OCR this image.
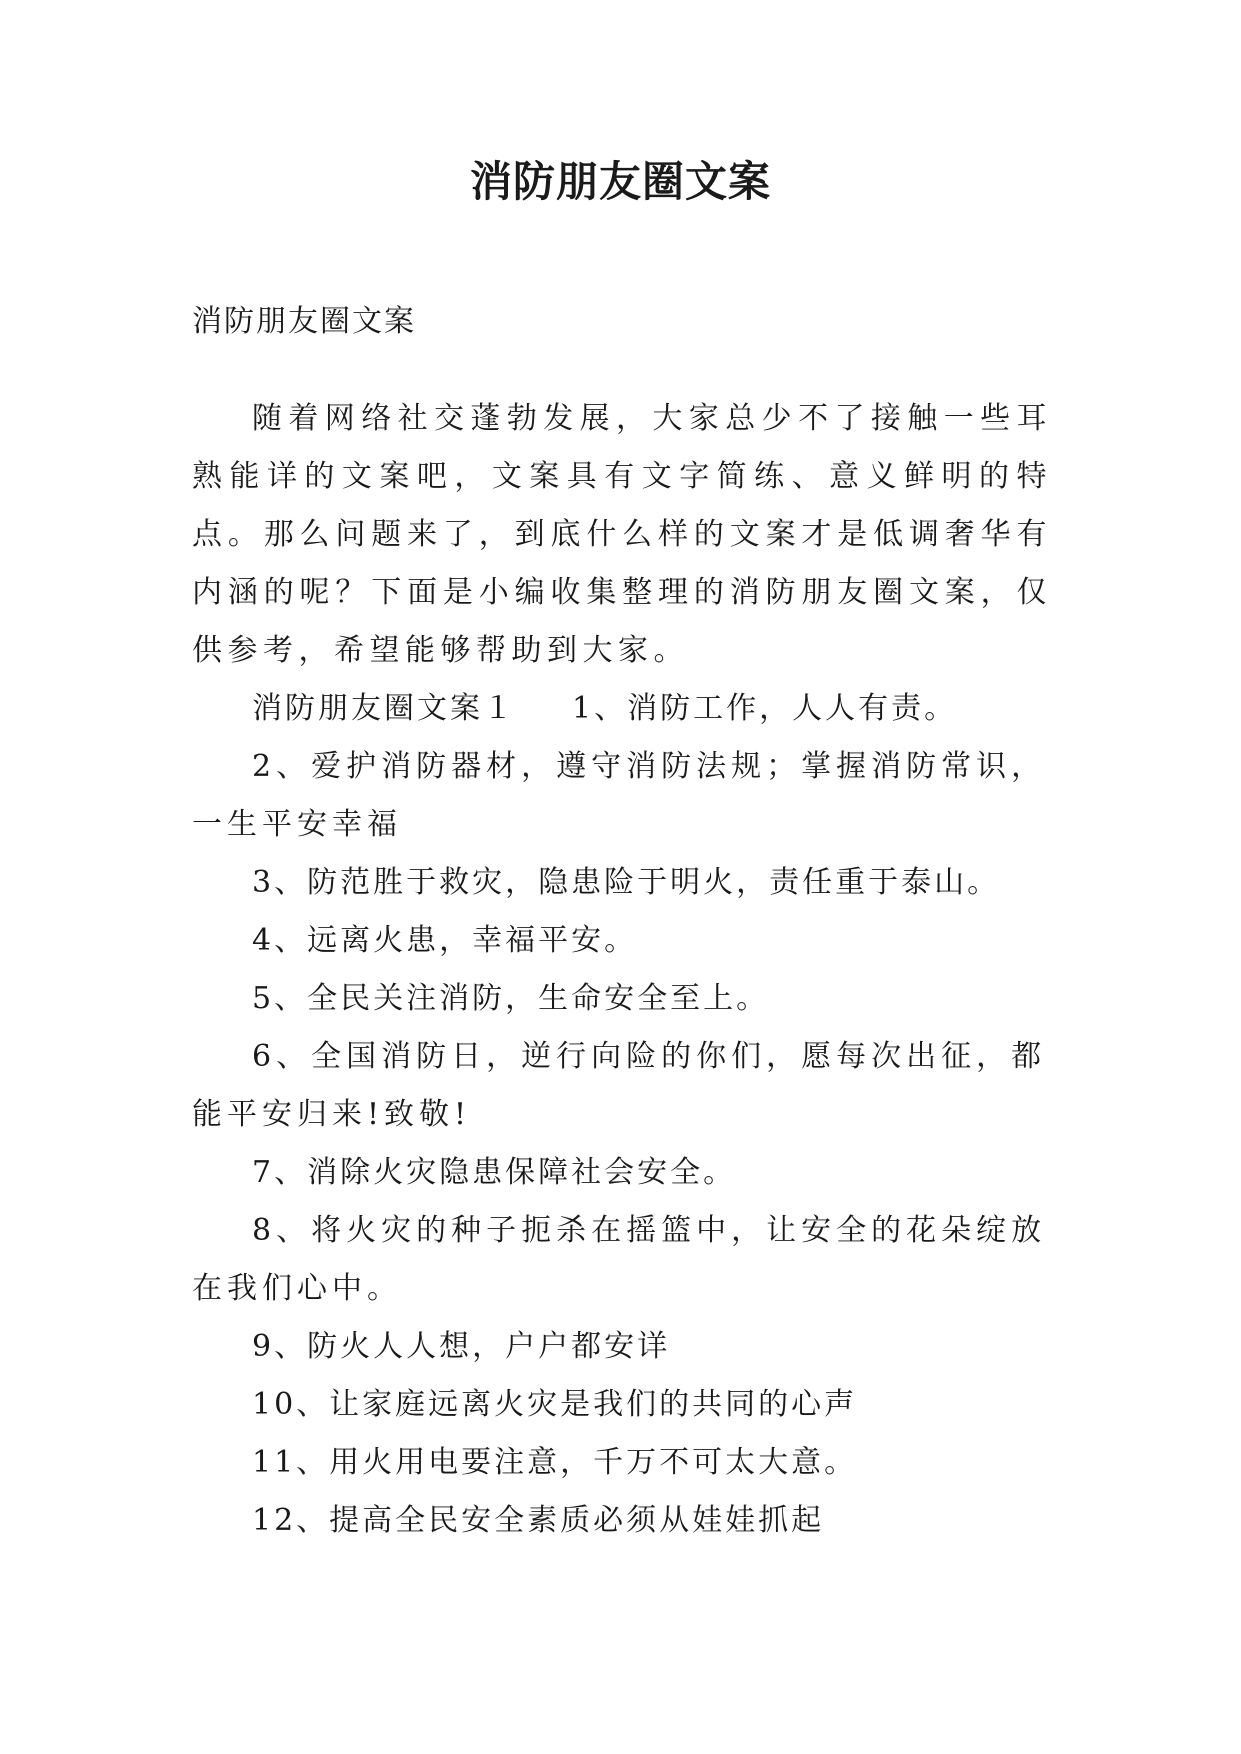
消防朋友圈文案

消防朋友圈文案

随着网络社交蓬勃发展，大家总少不了接触一些耳熟能详的文案吧，文案具有文字简练、意义鲜明的特点。那么问题来了，到底什么样的文案才是低调奢华有内涵的呢？下面是小编收集整理的消防朋友圈文案，仅供参考，希望能够帮助到大家。

消防朋友圈文案１ 1、消防工作，人人有责。

2、爱护消防器材，遵守消防法规；掌握消防常识，一生平安幸福

3、防范胜于救灾，隐患险于明火，责任重于泰山。

4、远离火患，幸福平安。

5、全民关注消防，生命安全至上。

6、全国消防日，逆行向险的你们，愿每次出征，都能平安归来!致敬!

7、消除火灾隐患保障社会安全。

8、将火灾的种子扼杀在摇篮中，让安全的花朵绽放在我们心中。

9、防火人人想，户户都安详

10、让家庭远离火灾是我们的共同的心声

11、用火用电要注意，千万不可太大意。

12、提高全民安全素质必须从娃娃抓起
